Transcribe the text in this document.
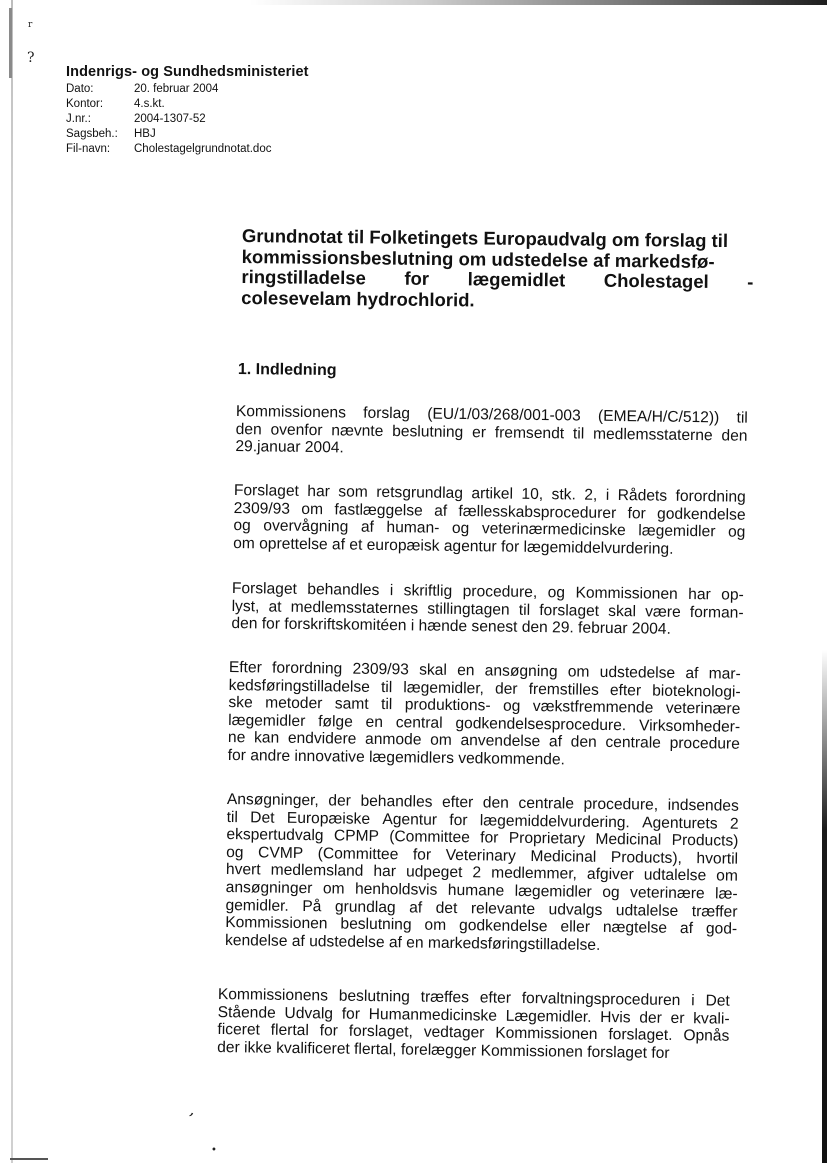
r
?
,
•
Indenrigs- og Sundhedsministeriet
Dato:	20. februar 2004
Kontor:	4.s.kt.
J.nr.:	2004-1307-52
Sagsbeh.:	HBJ
Fil-navn:	Cholestagelgrundnotat.doc
Grundnotat til Folketingets Europaudvalg om forslag til
kommissionsbeslutning om udstedelse af markedsfø-
ringstilladelse for lægemidlet Cholestagel -
colesevelam hydrochlorid.
1. Indledning
Kommissionens forslag (EU/1/03/268/001-003 (EMEA/H/C/512)) til
den ovenfor nævnte beslutning er fremsendt til medlemsstaterne den
29.januar 2004.
Forslaget har som retsgrundlag artikel 10, stk. 2, i Rådets forordning
2309/93 om fastlæggelse af fællesskabsprocedurer for godkendelse
og overvågning af human- og veterinærmedicinske lægemidler og
om oprettelse af et europæisk agentur for lægemiddelvurdering.
Forslaget behandles i skriftlig procedure, og Kommissionen har op-
lyst, at medlemsstaternes stillingtagen til forslaget skal være forman-
den for forskriftskomitéen i hænde senest den 29. februar 2004.
Efter forordning 2309/93 skal en ansøgning om udstedelse af mar-
kedsføringstilladelse til lægemidler, der fremstilles efter bioteknologi-
ske metoder samt til produktions- og vækstfremmende veterinære
lægemidler følge en central godkendelsesprocedure. Virksomheder-
ne kan endvidere anmode om anvendelse af den centrale procedure
for andre innovative lægemidlers vedkommende.
Ansøgninger, der behandles efter den centrale procedure, indsendes
til Det Europæiske Agentur for lægemiddelvurdering. Agenturets 2
ekspertudvalg CPMP (Committee for Proprietary Medicinal Products)
og CVMP (Committee for Veterinary Medicinal Products), hvortil
hvert medlemsland har udpeget 2 medlemmer, afgiver udtalelse om
ansøgninger om henholdsvis humane lægemidler og veterinære læ-
gemidler. På grundlag af det relevante udvalgs udtalelse træffer
Kommissionen beslutning om godkendelse eller nægtelse af god-
kendelse af udstedelse af en markedsføringstilladelse.
Kommissionens beslutning træffes efter forvaltningsproceduren i Det
Stående Udvalg for Humanmedicinske Lægemidler. Hvis der er kvali-
ficeret flertal for forslaget, vedtager Kommissionen forslaget. Opnås
der ikke kvalificeret flertal, forelægger Kommissionen forslaget for
